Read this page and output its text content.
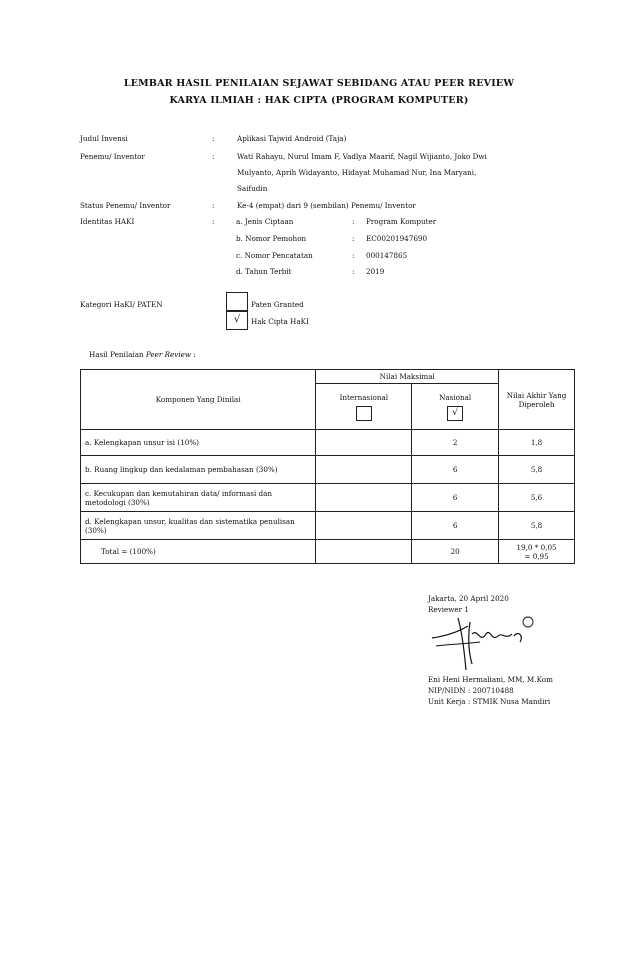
LEMBAR HASIL PENILAIAN SEJAWAT SEBIDANG ATAU PEER REVIEW
KARYA ILMIAH : HAK CIPTA (PROGRAM KOMPUTER)
Judul Invensi	:	Aplikasi Tajwid Android (Taja)
Penemu/ Inventor	:	Wati Rahayu, Nurul Imam F, Vadlya Maarif, Nagil Wijianto, Joko Dwi
Mulyanto, Aprih Widayanto, Hidayat Muhamad Nur, Ina Maryani,
Saifudin
Status Penemu/ Inventor	:	Ke-4 (empat) dari 9 (sembilan) Penemu/ Inventor
Identitas HAKI	:	a. Jenis Ciptaan	: Program Komputer
b. Nomor Pemohon	: EC00201947690
c. Nomor Pencatatan	: 000147865
d. Tahun Terbit	: 2019
Kategori HaKI/ PATEN	Paten Granted
√	Hak Cipta HaKI
Hasil Penilaian Peer Review :
Komponen Yang Dinilai	Nilai Maksimal		Nilai Akhir Yang Diperoleh

	Internasional	Nasional
√	

a. Kelengkapan unsur isi (10%)		2	1,8
b. Ruang lingkup dan kedalaman pembahasan (30%)		6	5,8
c. Kecukupan dan kemutahiran data/ informasi dan metodologi (30%)		6	5,6
d. Kelengkapan unsur, kualitas dan sistematika penulisan (30%)		6	5,8
Total = (100%)		20	19,0 * 0,05
= 0,95
Jakarta, 20 April 2020
Reviewer 1
Eni Heni Hermaliani, MM, M.Kom
NIP/NIDN : 200710488
Unit Kerja : STMIK Nusa Mandiri
